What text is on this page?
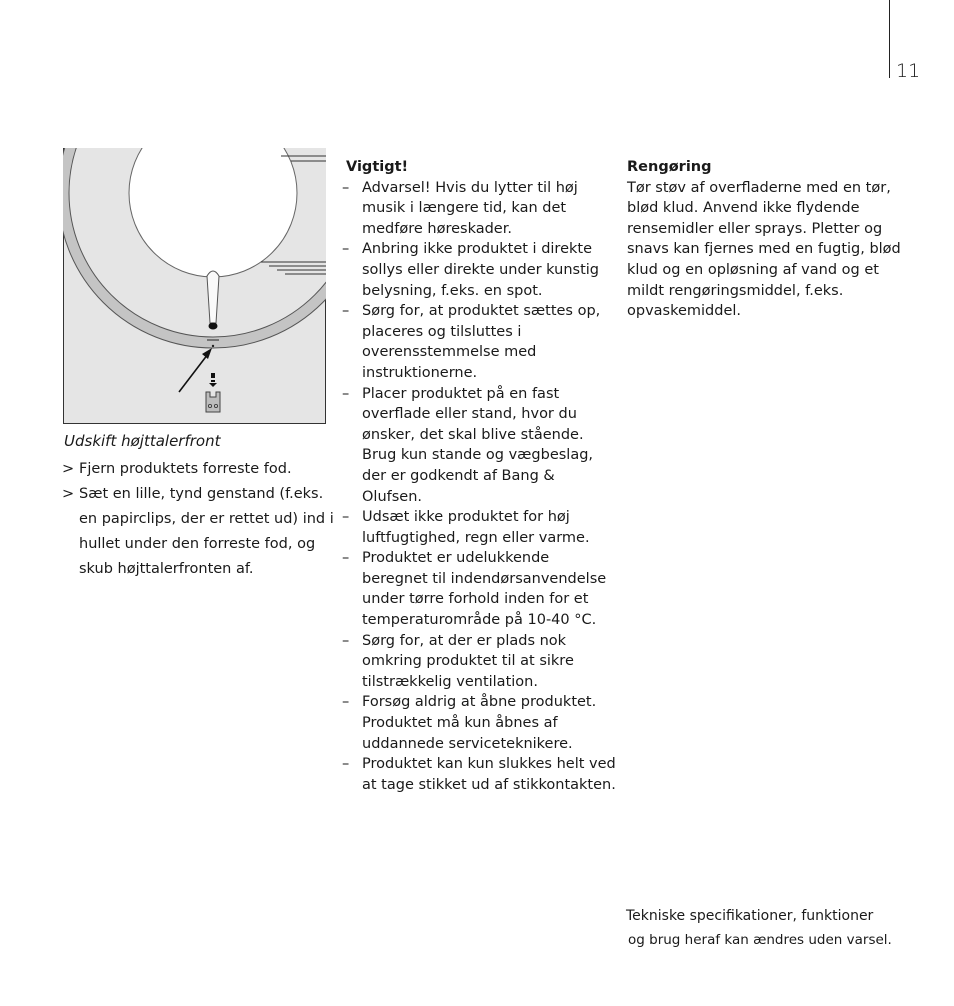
11
Udskift højttalerfront
> Fjern produktets forreste fod.
> Sæt en lille, tynd genstand (f.eks. en papirclips, der er rettet ud) ind i hullet under den forreste fod, og skub højttalerfronten af.
Vigtigt!
– Advarsel! Hvis du lytter til høj musik i længere tid, kan det medføre høreskader.
– Anbring ikke produktet i direkte sollys eller direkte under kunstig belysning, f.eks. en spot.
– Sørg for, at produktet sættes op, placeres og tilsluttes i overensstemmelse med instruktionerne.
– Placer produktet på en fast overflade eller stand, hvor du ønsker, det skal blive stående. Brug kun stande og vægbeslag, der er godkendt af Bang & Olufsen.
– Udsæt ikke produktet for høj luftfugtighed, regn eller varme.
– Produktet er udelukkende beregnet til indendørsanvendelse under tørre forhold inden for et temperaturområde på 10-40 °C.
– Sørg for, at der er plads nok omkring produktet til at sikre tilstrækkelig ventilation.
– Forsøg aldrig at åbne produktet. Produktet må kun åbnes af uddannede serviceteknikere.
– Produktet kan kun slukkes helt ved at tage stikket ud af stikkontakten.
Rengøring
Tør støv af overfladerne med en tør, blød klud. Anvend ikke flydende rensemidler eller sprays. Pletter og snavs kan fjernes med en fugtig, blød klud og en opløsning af vand og et mildt rengøringsmiddel, f.eks. opvaskemiddel.
Tekniske specifikationer, funktioner
og brug heraf kan ændres uden varsel.
